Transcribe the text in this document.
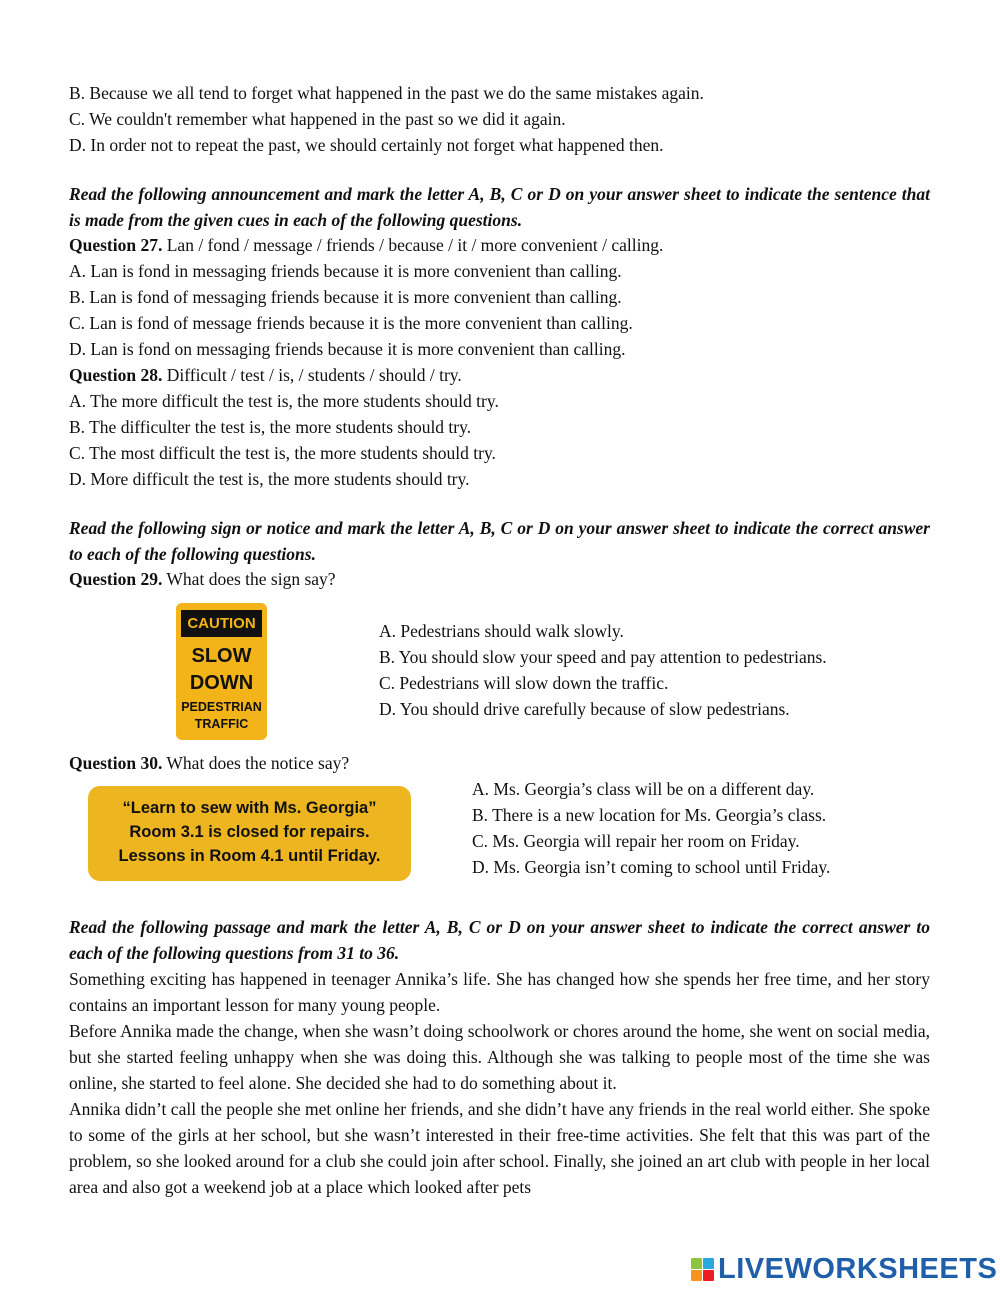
B. Because we all tend to forget what happened in the past we do the same mistakes again.
C. We couldn't remember what happened in the past so we did it again.
D. In order not to repeat the past, we should certainly not forget what happened then.
Read the following announcement and mark the letter A, B, C or D on your answer sheet to indicate the sentence that is made from the given cues in each of the following questions.
Question 27. Lan / fond / message / friends / because / it / more convenient / calling.
A. Lan is fond in messaging friends because it is more convenient than calling.
B. Lan is fond of messaging friends because it is more convenient than calling.
C. Lan is fond of message friends because it is the more convenient than calling.
D. Lan is fond on messaging friends because it is more convenient than calling.
Question 28. Difficult / test / is, / students / should / try.
A. The more difficult the test is, the more students should try.
B. The difficulter the test is, the more students should try.
C. The most difficult the test is, the more students should try.
D. More difficult the test is, the more students should try.
Read the following sign or notice and mark the letter A, B, C or D on your answer sheet to indicate the correct answer to each of the following questions.
Question 29. What does the sign say?
CAUTION
SLOW
DOWN
PEDESTRIAN
TRAFFIC
A. Pedestrians should walk slowly.
B. You should slow your speed and pay attention to pedestrians.
C. Pedestrians will slow down the traffic.
D. You should drive carefully because of slow pedestrians.
Question 30. What does the notice say?
“Learn to sew with Ms. Georgia”
Room 3.1 is closed for repairs.
Lessons in Room 4.1 until Friday.
A. Ms. Georgia’s class will be on a different day.
B. There is a new location for Ms. Georgia’s class.
C. Ms. Georgia will repair her room on Friday.
D. Ms. Georgia isn’t coming to school until Friday.
Read the following passage and mark the letter A, B, C or D on your answer sheet to indicate the correct answer to each of the following questions from 31 to 36.
Something exciting has happened in teenager Annika’s life. She has changed how she spends her free time, and her story contains an important lesson for many young people.
Before Annika made the change, when she wasn’t doing schoolwork or chores around the home, she went on social media, but she started feeling unhappy when she was doing this. Although she was talking to people most of the time she was online, she started to feel alone. She decided she had to do something about it.
Annika didn’t call the people she met online her friends, and she didn’t have any friends in the real world either. She spoke to some of the girls at her school, but she wasn’t interested in their free-time activities. She felt that this was part of the problem, so she looked around for a club she could join after school. Finally, she joined an art club with people in her local area and also got a weekend job at a place which looked after pets
LIVEWORKSHEETS
